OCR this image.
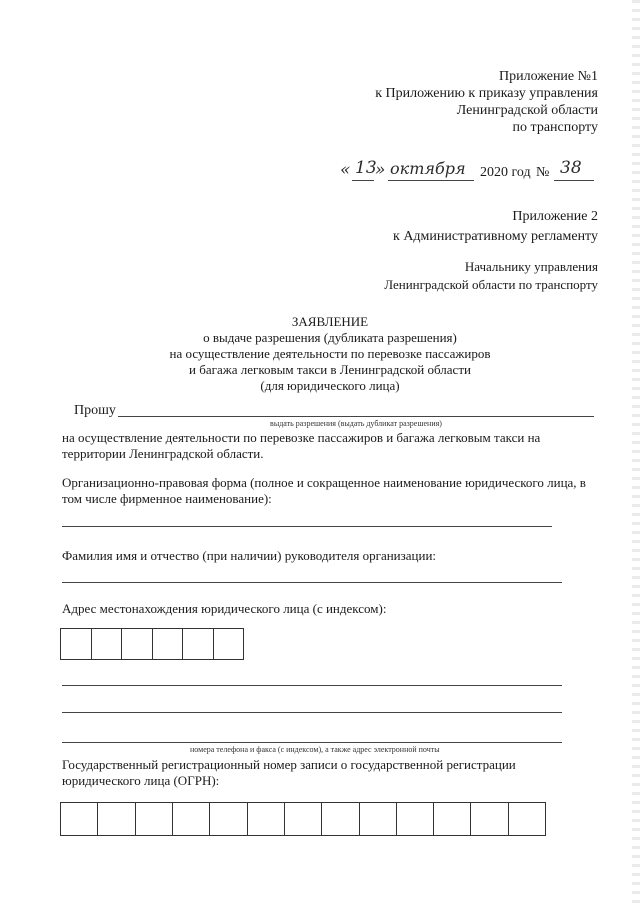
Приложение №1
к Приложению к приказу управления
Ленинградской области
по транспорту
« 13
» октября 2020 год № 38
Приложение 2
к Административному регламенту
Начальнику управления
Ленинградской области по транспорту
ЗАЯВЛЕНИЕ
о выдаче разрешения (дубликата разрешения)
на осуществление деятельности по перевозке пассажиров
и багажа легковым такси в Ленинградской области
(для юридического лица)
Прошу
выдать разрешения (выдать дубликат разрешения)
на осуществление деятельности по перевозке пассажиров и багажа легковым такси на
территории Ленинградской области.
Организационно-правовая форма (полное и сокращенное наименование юридического лица, в
том числе фирменное наименование):
Фамилия имя и отчество (при наличии) руководителя организации:
Адрес местонахождения юридического лица (с индексом):
номера телефона и факса (с индексом), а также адрес электронной почты
Государственный регистрационный номер записи о государственной регистрации
юридического лица (ОГРН):
